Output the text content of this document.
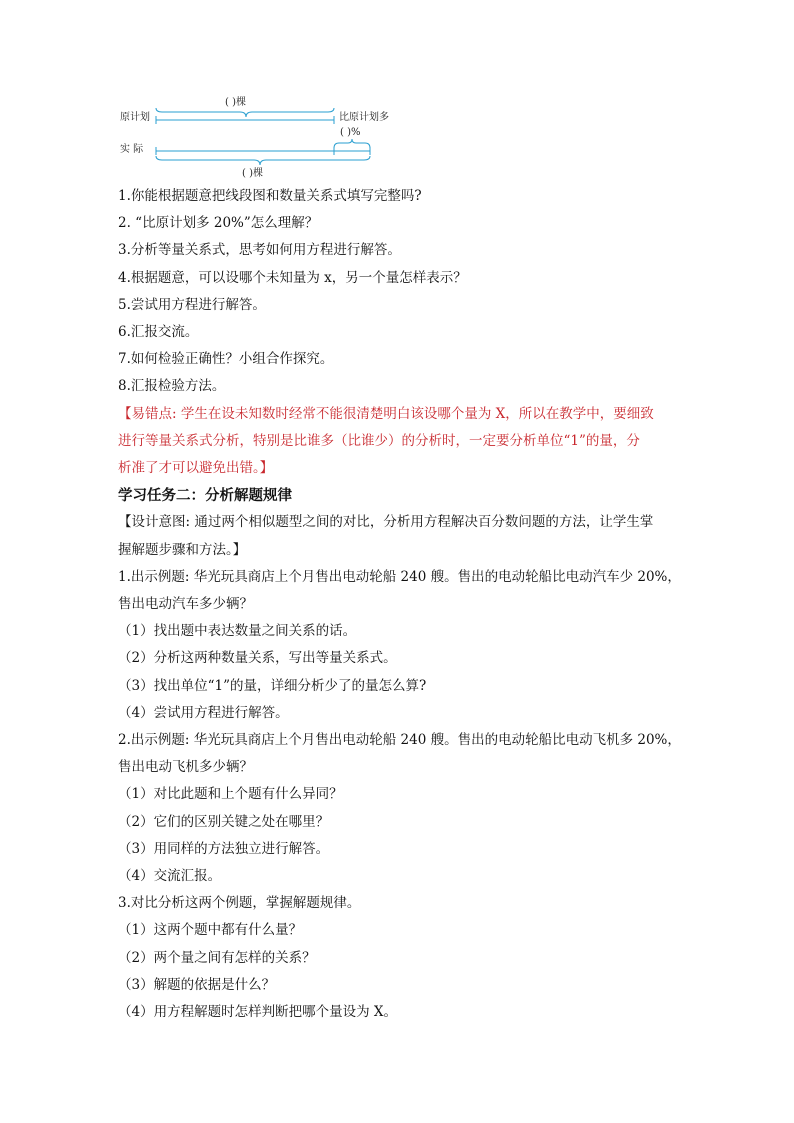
( )棵
原计划	比原计划多
( )%
实 际
( )棵
1.你能根据题意把线段图和数量关系式填写完整吗?
2. “比原计划多 20%”怎么理解？
3.分析等量关系式，思考如何用方程进行解答。
4.根据题意，可以设哪个未知量为 x，另一个量怎样表示？
5.尝试用方程进行解答。
6.汇报交流。
7.如何检验正确性？小组合作探究。
8.汇报检验方法。
【易错点: 学生在设未知数时经常不能很清楚明白该设哪个量为 X，所以在教学中，要细致
进行等量关系式分析，特别是比谁多（比谁少）的分析时，一定要分析单位“1”的量，分
析准了才可以避免出错。】
学习任务二：分析解题规律
【设计意图: 通过两个相似题型之间的对比，分析用方程解决百分数问题的方法，让学生掌
握解题步骤和方法。】
1.出示例题: 华光玩具商店上个月售出电动轮船 240 艘。售出的电动轮船比电动汽车少 20%，
售出电动汽车多少辆？
（1）找出题中表达数量之间关系的话。
（2）分析这两种数量关系，写出等量关系式。
（3）找出单位“1”的量，详细分析少了的量怎么算?
（4）尝试用方程进行解答。
2.出示例题: 华光玩具商店上个月售出电动轮船 240 艘。售出的电动轮船比电动飞机多 20%，
售出电动飞机多少辆？
（1）对比此题和上个题有什么异同？
（2）它们的区别关键之处在哪里？
（3）用同样的方法独立进行解答。
（4）交流汇报。
3.对比分析这两个例题，掌握解题规律。
（1）这两个题中都有什么量？
（2）两个量之间有怎样的关系？
（3）解题的依据是什么？
（4）用方程解题时怎样判断把哪个量设为 X。
